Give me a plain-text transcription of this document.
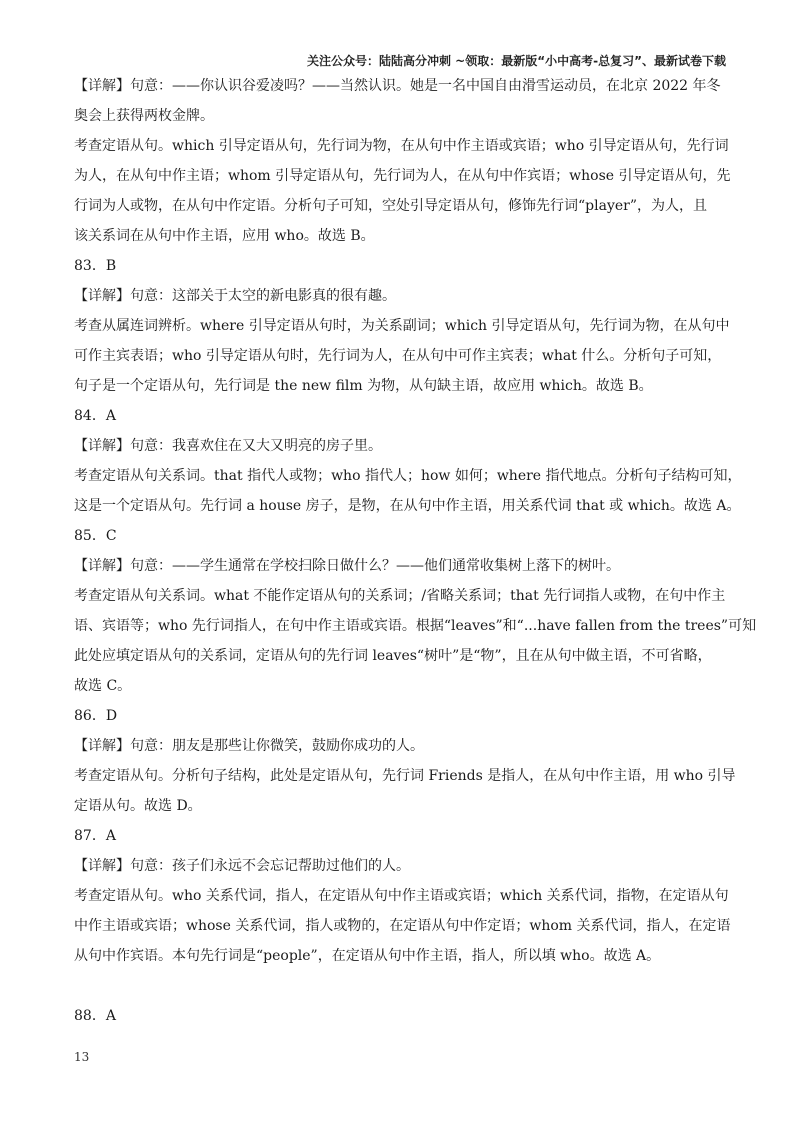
关注公众号：陆陆高分冲刺 ~领取：最新版“小中高考-总复习”、最新试卷下载
【详解】句意：——你认识谷爱凌吗？——当然认识。她是一名中国自由滑雪运动员，在北京 2022 年冬
奥会上获得两枚金牌。
考查定语从句。which 引导定语从句，先行词为物，在从句中作主语或宾语；who 引导定语从句，先行词
为人，在从句中作主语；whom 引导定语从句，先行词为人，在从句中作宾语；whose 引导定语从句，先
行词为人或物，在从句中作定语。分析句子可知，空处引导定语从句，修饰先行词“player”，为人，且
该关系词在从句中作主语，应用 who。故选 B。
83．B
【详解】句意：这部关于太空的新电影真的很有趣。
考查从属连词辨析。where 引导定语从句时，为关系副词；which 引导定语从句，先行词为物，在从句中
可作主宾表语；who 引导定语从句时，先行词为人，在从句中可作主宾表；what 什么。分析句子可知，
句子是一个定语从句，先行词是 the new film 为物，从句缺主语，故应用 which。故选 B。
84．A
【详解】句意：我喜欢住在又大又明亮的房子里。
考查定语从句关系词。that 指代人或物；who 指代人；how 如何；where 指代地点。分析句子结构可知，
这是一个定语从句。先行词 a house 房子，是物，在从句中作主语，用关系代词 that 或 which。故选 A。
85．C
【详解】句意：——学生通常在学校扫除日做什么？——他们通常收集树上落下的树叶。
考查定语从句关系词。what 不能作定语从句的关系词；/省略关系词；that 先行词指人或物，在句中作主
语、宾语等；who 先行词指人，在句中作主语或宾语。根据“leaves”和“...have fallen from the trees”可知
此处应填定语从句的关系词，定语从句的先行词 leaves“树叶”是“物”，且在从句中做主语，不可省略，
故选 C。
86．D
【详解】句意：朋友是那些让你微笑，鼓励你成功的人。
考查定语从句。分析句子结构，此处是定语从句，先行词 Friends 是指人，在从句中作主语，用 who 引导
定语从句。故选 D。
87．A
【详解】句意：孩子们永远不会忘记帮助过他们的人。
考查定语从句。who 关系代词，指人，在定语从句中作主语或宾语；which 关系代词，指物，在定语从句
中作主语或宾语；whose 关系代词，指人或物的，在定语从句中作定语；whom 关系代词，指人，在定语
从句中作宾语。本句先行词是“people”，在定语从句中作主语，指人，所以填 who。故选 A。
88．A
13
